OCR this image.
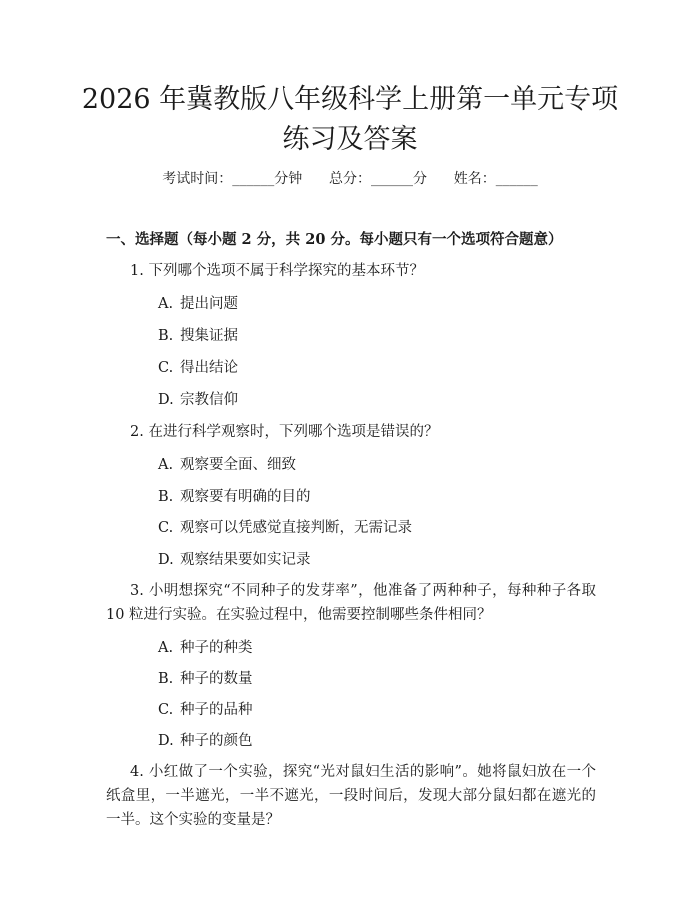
2026 年冀教版八年级科学上册第一单元专项
练习及答案
考试时间：______分钟      总分：______分      姓名：______
一、选择题（每小题 2 分，共 20 分。每小题只有一个选项符合题意）
1. 下列哪个选项不属于科学探究的基本环节？
A. 提出问题
B. 搜集证据
C. 得出结论
D. 宗教信仰
2. 在进行科学观察时，下列哪个选项是错误的？
A. 观察要全面、细致
B. 观察要有明确的目的
C. 观察可以凭感觉直接判断，无需记录
D. 观察结果要如实记录
3. 小明想探究“不同种子的发芽率”，他准备了两种种子，每种种子各取 10 粒进行实验。在实验过程中，他需要控制哪些条件相同？
A. 种子的种类
B. 种子的数量
C. 种子的品种
D. 种子的颜色
4. 小红做了一个实验，探究“光对鼠妇生活的影响”。她将鼠妇放在一个纸盒里，一半遮光，一半不遮光，一段时间后，发现大部分鼠妇都在遮光的一半。这个实验的变量是？
